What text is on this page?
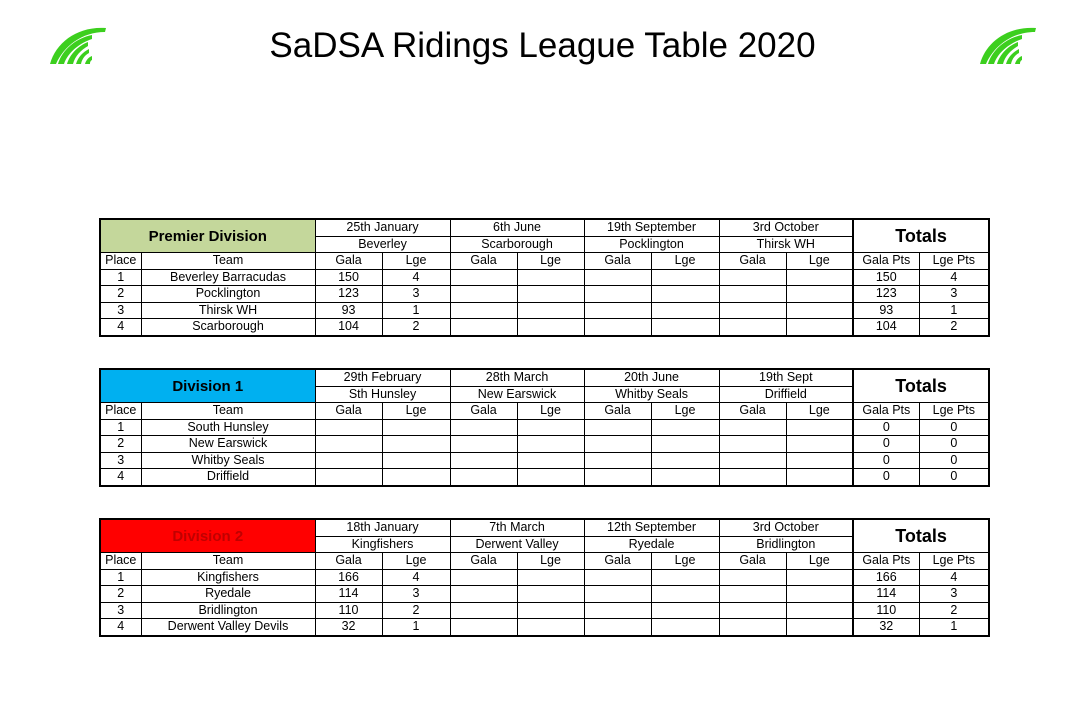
SaDSA Ridings League Table 2020
Premier Division		25th January		6th June		19th September		3rd October		Totals	
		Beverley		Scarborough		Pocklington		Thirsk WH			
Place	Team	Gala	Lge	Gala	Lge	Gala	Lge	Gala	Lge	Gala Pts	Lge Pts
1	Beverley Barracudas	150	4							150	4
2	Pocklington	123	3							123	3
3	Thirsk WH	93	1							93	1
4	Scarborough	104	2							104	2
Division 1		29th February		28th March		20th June		19th Sept		Totals	
		Sth Hunsley		New Earswick		Whitby Seals		Driffield			
Place	Team	Gala	Lge	Gala	Lge	Gala	Lge	Gala	Lge	Gala Pts	Lge Pts
1	South Hunsley									0	0
2	New Earswick									0	0
3	Whitby Seals									0	0
4	Driffield									0	0
Division 2		18th January		7th March		12th September		3rd October		Totals	
		Kingfishers		Derwent Valley		Ryedale		Bridlington			
Place	Team	Gala	Lge	Gala	Lge	Gala	Lge	Gala	Lge	Gala Pts	Lge Pts
1	Kingfishers	166	4							166	4
2	Ryedale	114	3							114	3
3	Bridlington	110	2							110	2
4	Derwent Valley Devils	32	1							32	1
